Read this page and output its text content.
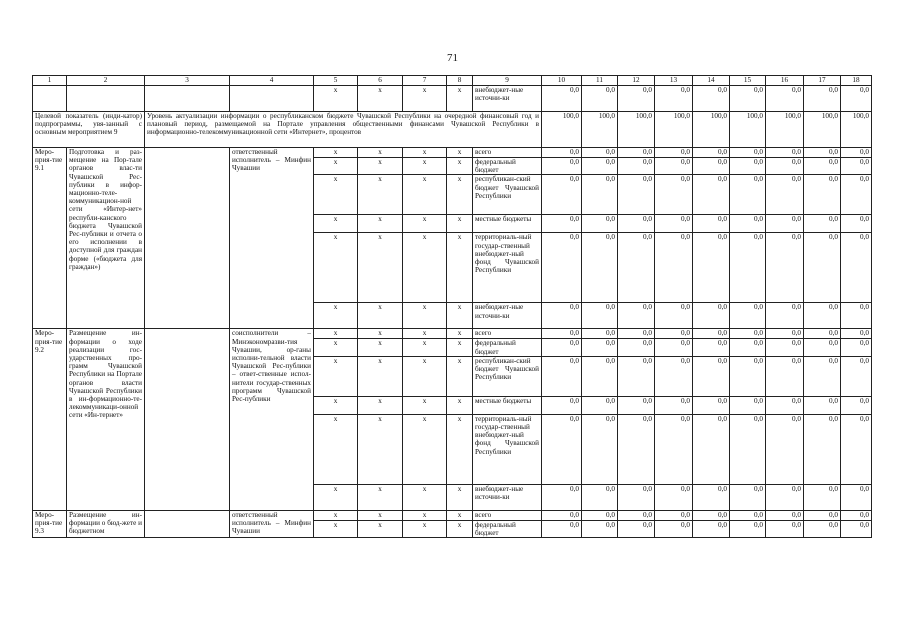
71
1	2	3	4	5	6	7	8	9	10	11	12	13	14	15	16	17	18
				x	x	x	x	внебюджет-ные источни-ки	0,0	0,0	0,0	0,0	0,0	0,0	0,0	0,0	0,0
Целевой показатель (инди-катор) подпрограммы, увя-занный с основным мероприятием 9		Уровень актуализации информации о республиканском бюджете Чувашской Республики на очередной финансовый год и плановый период, размещаемой на Портале управления общественными финансами Чувашской Республики в информационно-телекоммуникационной сети «Интернет», процентов							100,0	100,0	100,0	100,0	100,0	100,0	100,0	100,0	100,0
Меро-прия-тие 9.1	Подготовка и раз-мещение на Пор-тале органов влас-ти Чувашской Рес-публики в инфор-мационно-теле-коммуникацион-ной сети «Интер-нет» республи-канского бюджета Чувашской Рес-публики и отчета о его исполнении в доступной для граждан форме («бюджета для граждан»)		ответственный исполнитель – Минфин Чувашии	x	x	x	x	всего	0,0	0,0	0,0	0,0	0,0	0,0	0,0	0,0	0,0
				x	x	x	x	федеральный бюджет	0,0	0,0	0,0	0,0	0,0	0,0	0,0	0,0	0,0
				x	x	x	x	республикан-ский бюджет Чувашской Республики	0,0	0,0	0,0	0,0	0,0	0,0	0,0	0,0	0,0
				x	x	x	x	местные бюджеты	0,0	0,0	0,0	0,0	0,0	0,0	0,0	0,0	0,0
				x	x	x	x	территориаль-ный государ-ственный внебюджет-ный фонд Чувашской Республики	0,0	0,0	0,0	0,0	0,0	0,0	0,0	0,0	0,0
				x	x	x	x	внебюджет-ные источни-ки	0,0	0,0	0,0	0,0	0,0	0,0	0,0	0,0	0,0
Меро-прия-тие 9.2	Размещение ин-формации о ходе реализации гос-ударственных про-грамм Чувашской Республики на Портале органов власти Чувашской Республики в ин-формационно-те-лекоммуникаци-онной сети «Ин-тернет»		соисполнители – Минэкономразви-тия Чувашии, ор-ганы исполни-тельной власти Чувашской Рес-публики – ответ-ственные испол-нители государ-ственных программ Чувашской Рес-публики	x	x	x	x	всего	0,0	0,0	0,0	0,0	0,0	0,0	0,0	0,0	0,0
				x	x	x	x	федеральный бюджет	0,0	0,0	0,0	0,0	0,0	0,0	0,0	0,0	0,0
				x	x	x	x	республикан-ский бюджет Чувашской Республики	0,0	0,0	0,0	0,0	0,0	0,0	0,0	0,0	0,0
				x	x	x	x	местные бюджеты	0,0	0,0	0,0	0,0	0,0	0,0	0,0	0,0	0,0
				x	x	x	x	территориаль-ный государ-ственный внебюджет-ный фонд Чувашской Республики	0,0	0,0	0,0	0,0	0,0	0,0	0,0	0,0	0,0
				x	x	x	x	внебюджет-ные источни-ки	0,0	0,0	0,0	0,0	0,0	0,0	0,0	0,0	0,0
Меро-прия-тие 9.3	Размещение ин-формации о бюд-жете и бюджетном		ответственный исполнитель – Минфин Чувашии	x	x	x	x	всего	0,0	0,0	0,0	0,0	0,0	0,0	0,0	0,0	0,0
				x	x	x	x	федеральный бюджет	0,0	0,0	0,0	0,0	0,0	0,0	0,0	0,0	0,0
